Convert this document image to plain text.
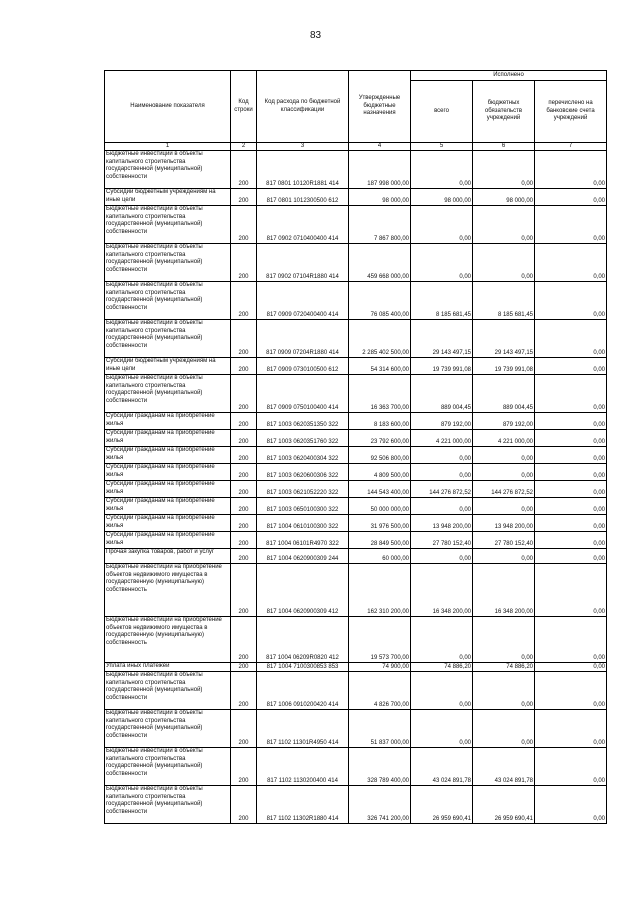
83
Наименование показателя	Код строки	Код расхода по бюджетной классификации	Утвержденные бюджетные назначения	Исполнено		
				всего	бюджетных обязательств учреждений	перечислено на банковские счета учреждений
1	2	3	4	5	6	7
Бюджетные инвестиции в объекты капитального строительства государственной (муниципальной) собственности	200	817 0801 10120R1881 414	187 998 000,00	0,00	0,00	0,00
Субсидии бюджетным учреждениям на иные цели	200	817 0801 1012300500 612	98 000,00	98 000,00	98 000,00	0,00
Бюджетные инвестиции в объекты капитального строительства государственной (муниципальной) собственности	200	817 0902 0710400400 414	7 867 800,00	0,00	0,00	0,00
Бюджетные инвестиции в объекты капитального строительства государственной (муниципальной) собственности	200	817 0902 07104R1880 414	459 668 000,00	0,00	0,00	0,00
Бюджетные инвестиции в объекты капитального строительства государственной (муниципальной) собственности	200	817 0909 0720400400 414	76 085 400,00	8 185 681,45	8 185 681,45	0,00
Бюджетные инвестиции в объекты капитального строительства государственной (муниципальной) собственности	200	817 0909 07204R1880 414	2 285 402 500,00	29 143 497,15	29 143 497,15	0,00
Субсидии бюджетным учреждениям на иные цели	200	817 0909 0730100500 612	54 314 600,00	19 739 991,08	19 739 991,08	0,00
Бюджетные инвестиции в объекты капитального строительства государственной (муниципальной) собственности	200	817 0909 0750100400 414	16 363 700,00	889 004,45	889 004,45	0,00
Субсидии гражданам на приобретение жилья	200	817 1003 0620351350 322	8 183 600,00	879 192,00	879 192,00	0,00
Субсидии гражданам на приобретение жилья	200	817 1003 0620351760 322	23 792 600,00	4 221 000,00	4 221 000,00	0,00
Субсидии гражданам на приобретение жилья	200	817 1003 0620400304 322	92 506 800,00	0,00	0,00	0,00
Субсидии гражданам на приобретение жилья	200	817 1003 0620600306 322	4 809 500,00	0,00	0,00	0,00
Субсидии гражданам на приобретение жилья	200	817 1003 0621052220 322	144 543 400,00	144 276 872,52	144 276 872,52	0,00
Субсидии гражданам на приобретение жилья	200	817 1003 0650100300 322	50 000 000,00	0,00	0,00	0,00
Субсидии гражданам на приобретение жилья	200	817 1004 0610100300 322	31 976 500,00	13 948 200,00	13 948 200,00	0,00
Субсидии гражданам на приобретение жилья	200	817 1004 06101R4970 322	28 849 500,00	27 780 152,40	27 780 152,40	0,00
Прочая закупка товаров, работ и услуг	200	817 1004 0620900309 244	60 000,00	0,00	0,00	0,00
Бюджетные инвестиции на приобретение объектов недвижимого имущества в государственную (муниципальную) собственность	200	817 1004 0620900309 412	162 310 200,00	16 348 200,00	16 348 200,00	0,00
Бюджетные инвестиции на приобретение объектов недвижимого имущества в государственную (муниципальную) собственность	200	817 1004 06209R0820 412	19 573 700,00	0,00	0,00	0,00
Уплата иных платежей	200	817 1004 7100300853 853	74 900,00	74 886,20	74 886,20	0,00
Бюджетные инвестиции в объекты капитального строительства государственной (муниципальной) собственности	200	817 1006 0910200420 414	4 826 700,00	0,00	0,00	0,00
Бюджетные инвестиции в объекты капитального строительства государственной (муниципальной) собственности	200	817 1102 11301R4950 414	51 837 000,00	0,00	0,00	0,00
Бюджетные инвестиции в объекты капитального строительства государственной (муниципальной) собственности	200	817 1102 1130200400 414	328 789 400,00	43 024 891,78	43 024 891,78	0,00
Бюджетные инвестиции в объекты капитального строительства государственной (муниципальной) собственности	200	817 1102 11302R1880 414	326 741 200,00	26 959 690,41	26 959 690,41	0,00
